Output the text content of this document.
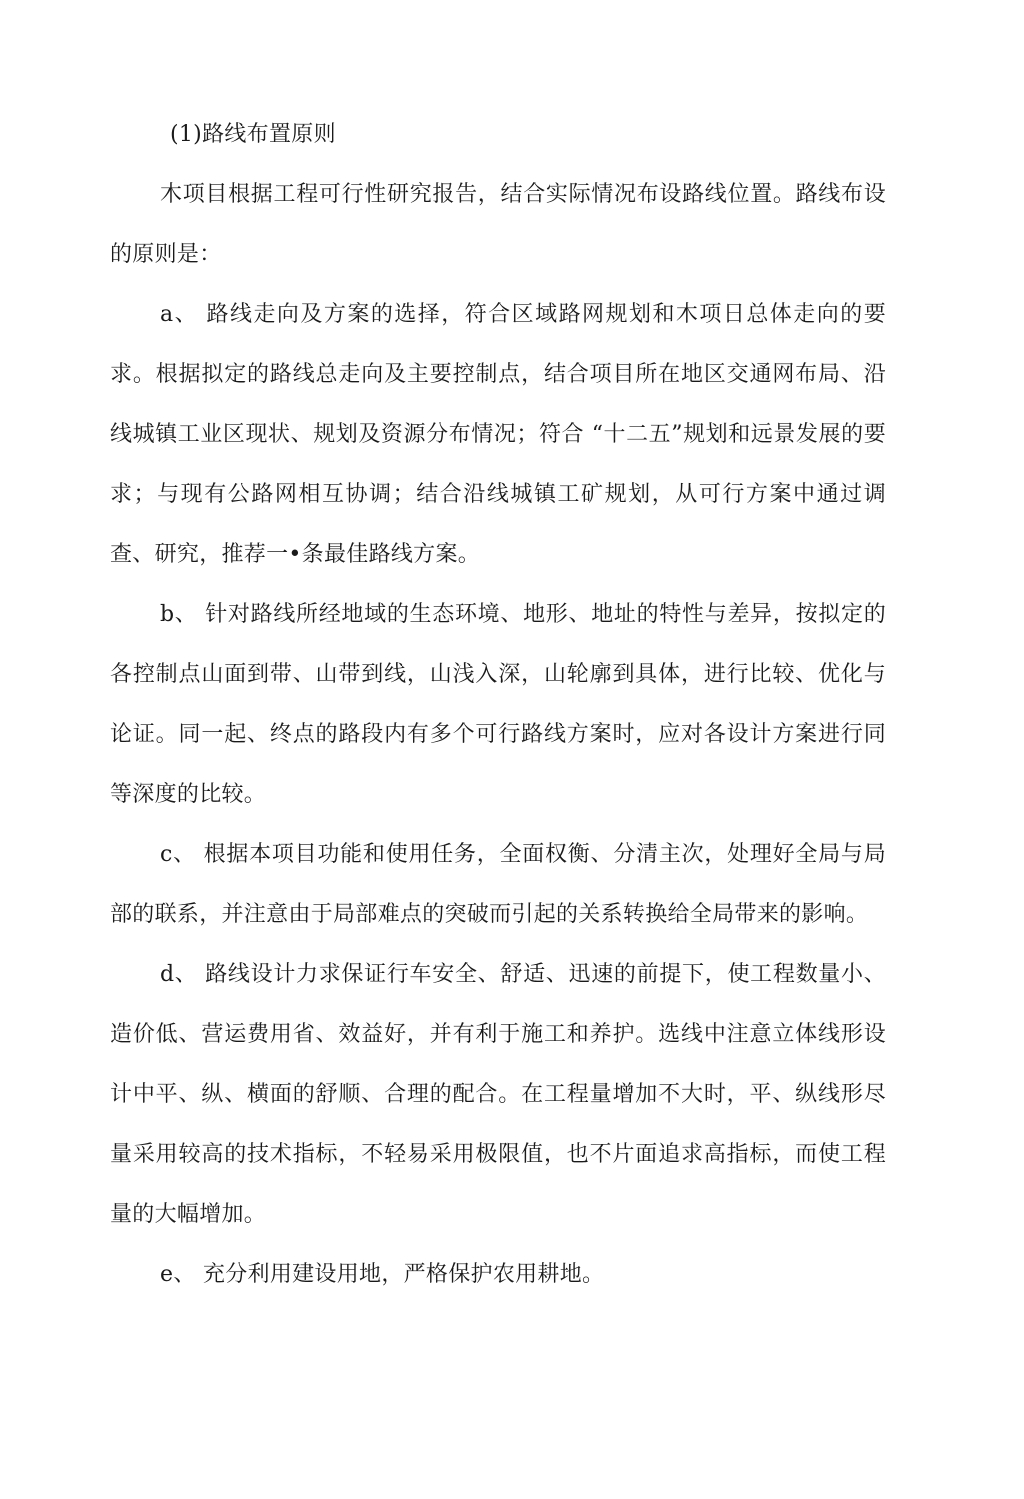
(1)路线布置原则

木项目根据工程可行性研究报告，结合实际情况布设路线位置。路线布设的原则是：

a、 路线走向及方案的选择，符合区域路网规划和木项日总体走向的要求。根据拟定的路线总走向及主要控制点，结合项目所在地区交通网布局、沿线城镇工业区现状、规划及资源分布情况；符合 “十二五”规划和远景发展的要求；与现有公路网相互协调；结合沿线城镇工矿规划，从可行方案中通过调查、研究，推荐一•条最佳路线方案。

b、 针对路线所经地域的生态环境、地形、地址的特性与差异，按拟定的各控制点山面到带、山带到线，山浅入深，山轮廓到具体，进行比较、优化与论证。同一起、终点的路段内有多个可行路线方案时，应对各设计方案进行同等深度的比较。

c、 根据本项目功能和使用任务，全面权衡、分清主次，处理好全局与局部的联系，并注意由于局部难点的突破而引起的关系转换给全局带来的影响。

d、 路线设计力求保证行车安全、舒适、迅速的前提下，使工程数量小、造价低、营运费用省、效益好，并有利于施工和养护。选线中注意立体线形设计中平、纵、横面的舒顺、合理的配合。在工程量增加不大时，平、纵线形尽量采用较高的技术指标，不轻易采用极限值，也不片面追求高指标，而使工程量的大幅增加。

e、 充分利用建设用地，严格保护农用耕地。
